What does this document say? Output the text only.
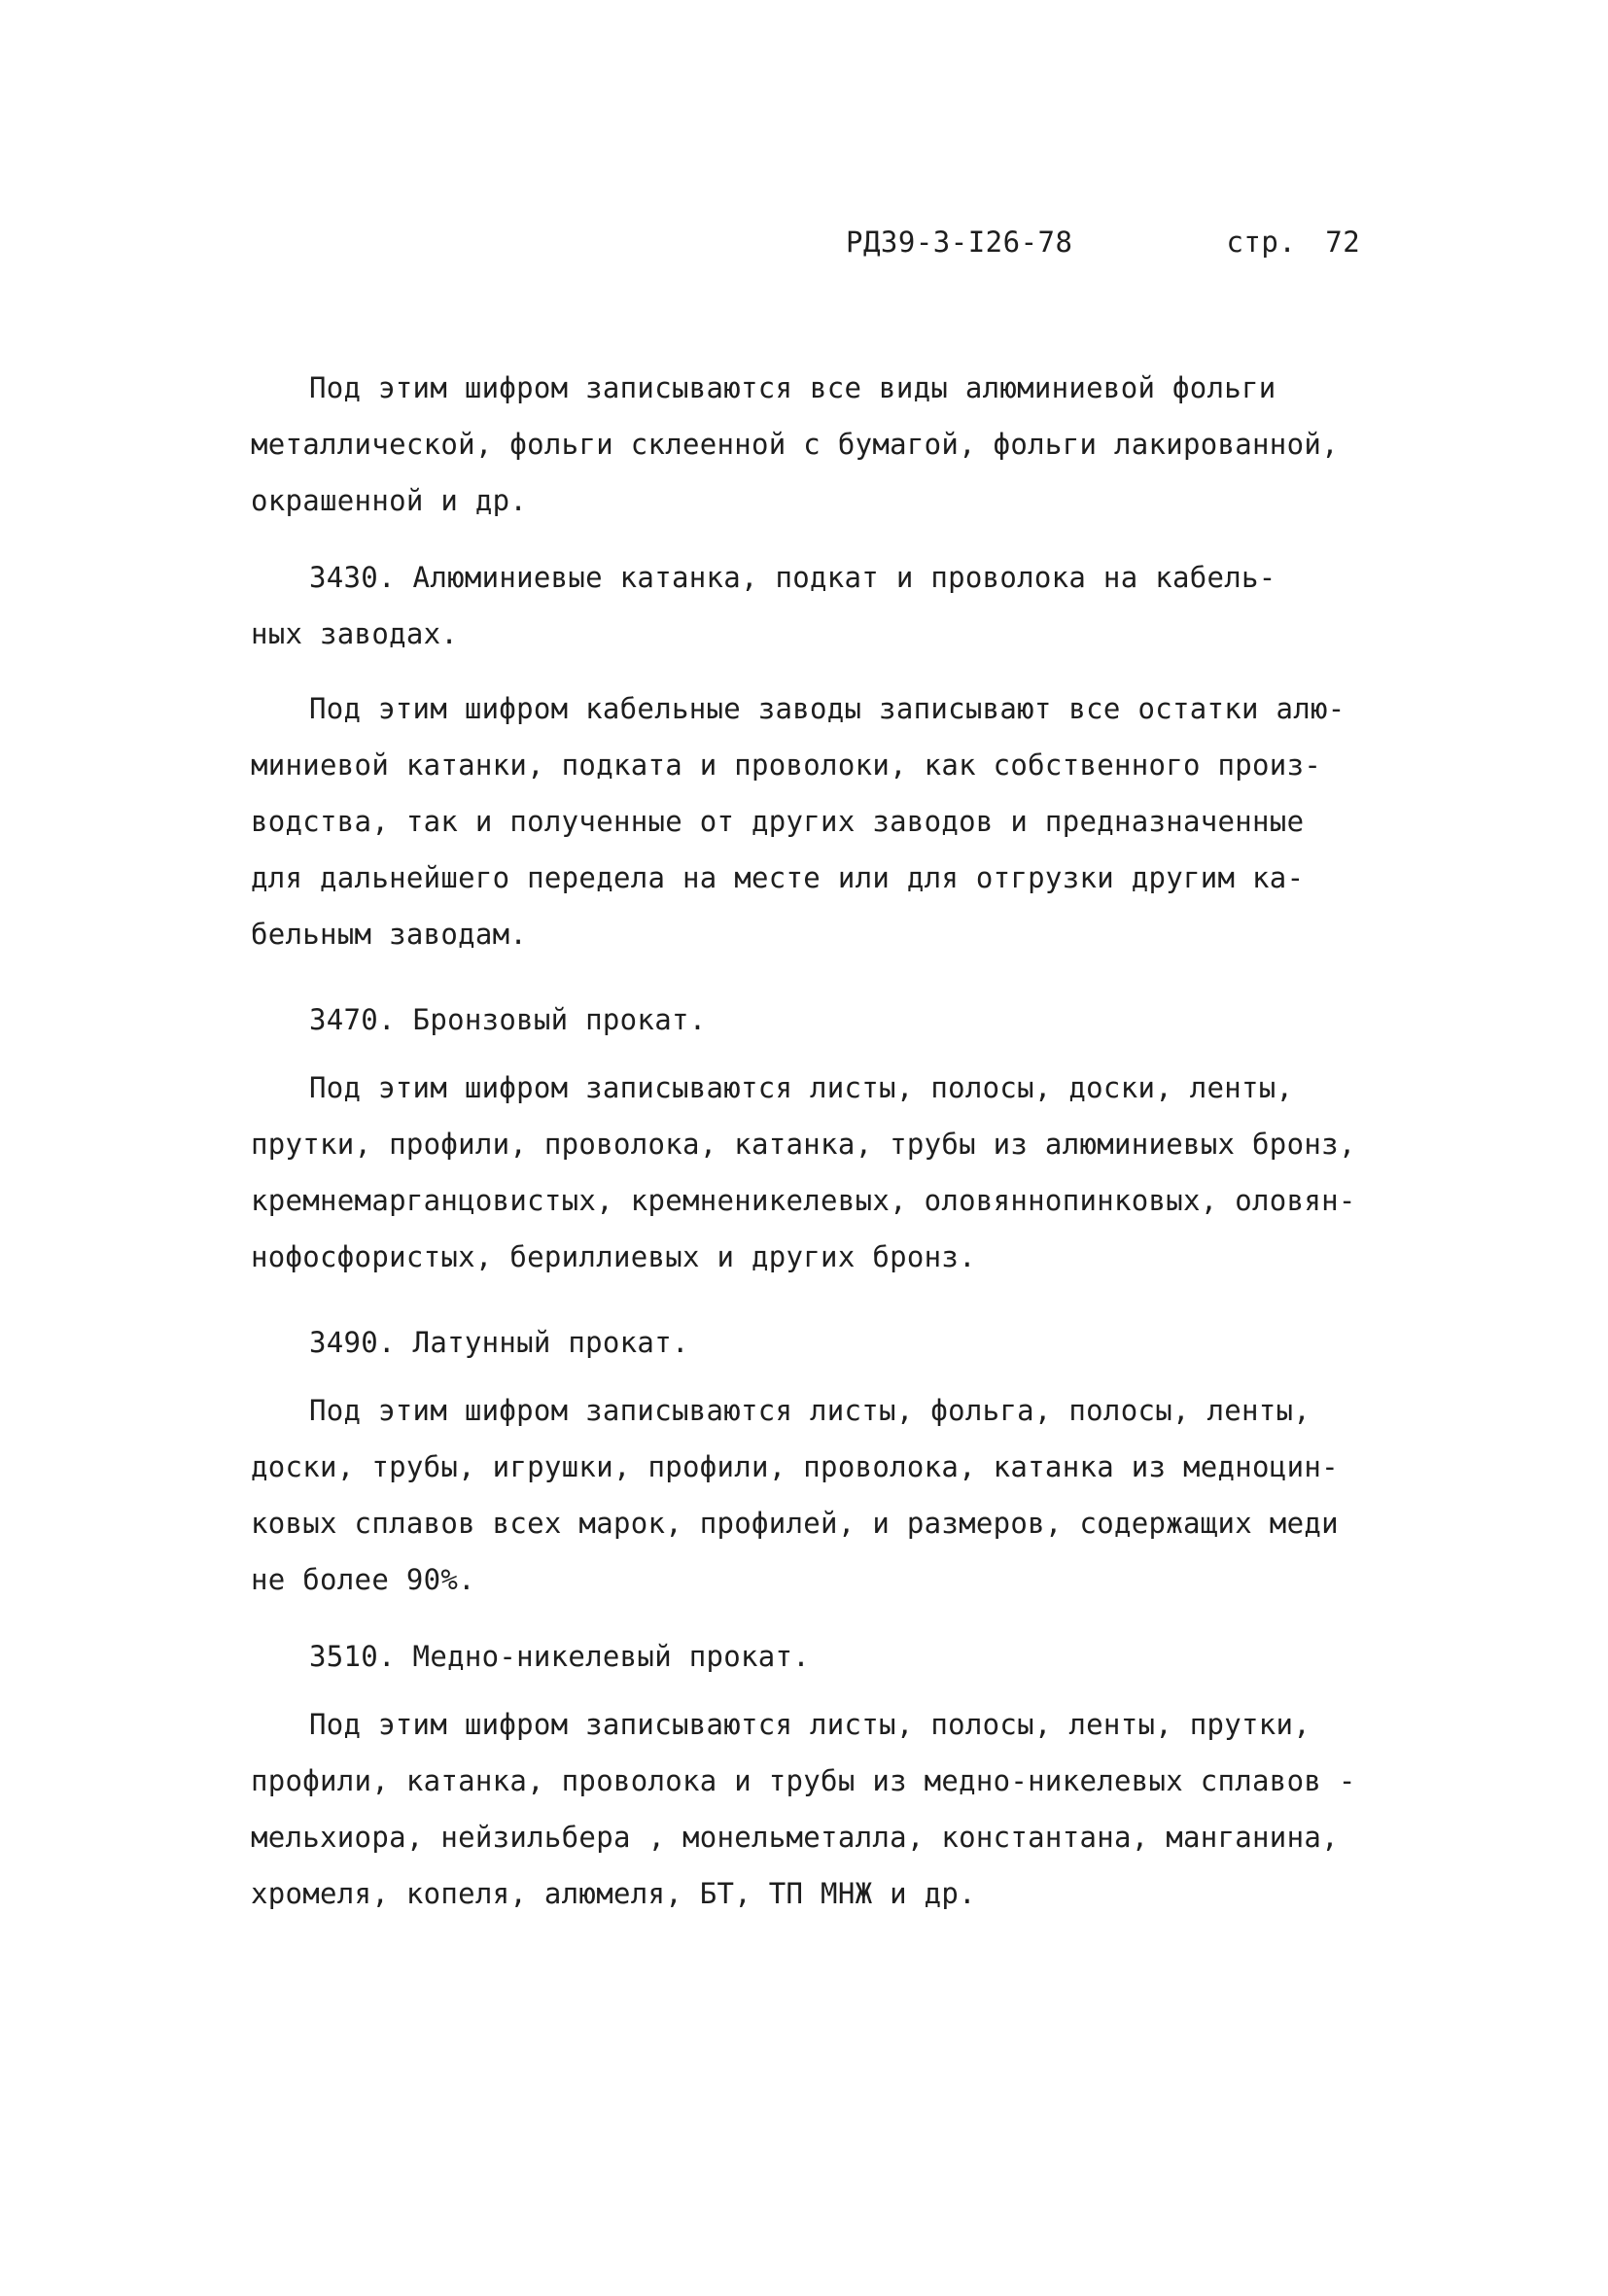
РД39-3-I26-78	стр. 72
Под этим шифром записываются все виды алюминиевой фольги
металлической, фольги склеенной с бумагой, фольги лакированной,
окрашенной и др.
3430. Алюминиевые катанка, подкат и проволока на кабель-
ных заводах.
Под этим шифром кабельные заводы записывают все остатки алю-
миниевой катанки, подката и проволоки, как собственного произ-
водства, так и полученные от других заводов и предназначенные
для дальнейшего передела на месте или для отгрузки другим ка-
бельным заводам.
3470. Бронзовый прокат.
Под этим шифром записываются листы, полосы, доски, ленты,
прутки, профили, проволока, катанка, трубы из алюминиевых бронз,
кремнемарганцовистых, кремненикелевых, оловяннопинковых, оловян-
нофосфористых, бериллиевых и других бронз.
3490. Латунный прокат.
Под этим шифром записываются листы, фольга, полосы, ленты,
доски, трубы, игрушки, профили, проволока, катанка из медноцин-
ковых сплавов всех марок, профилей, и размеров, содержащих меди
не более 90%.
3510. Медно-никелевый прокат.
Под этим шифром записываются листы, полосы, ленты, прутки,
профили, катанка, проволока и трубы из медно-никелевых сплавов -
мельхиора, нейзильбера , монельметалла, константана, манганина,
хромеля, копеля, алюмеля, БТ, ТП МНЖ и др.
